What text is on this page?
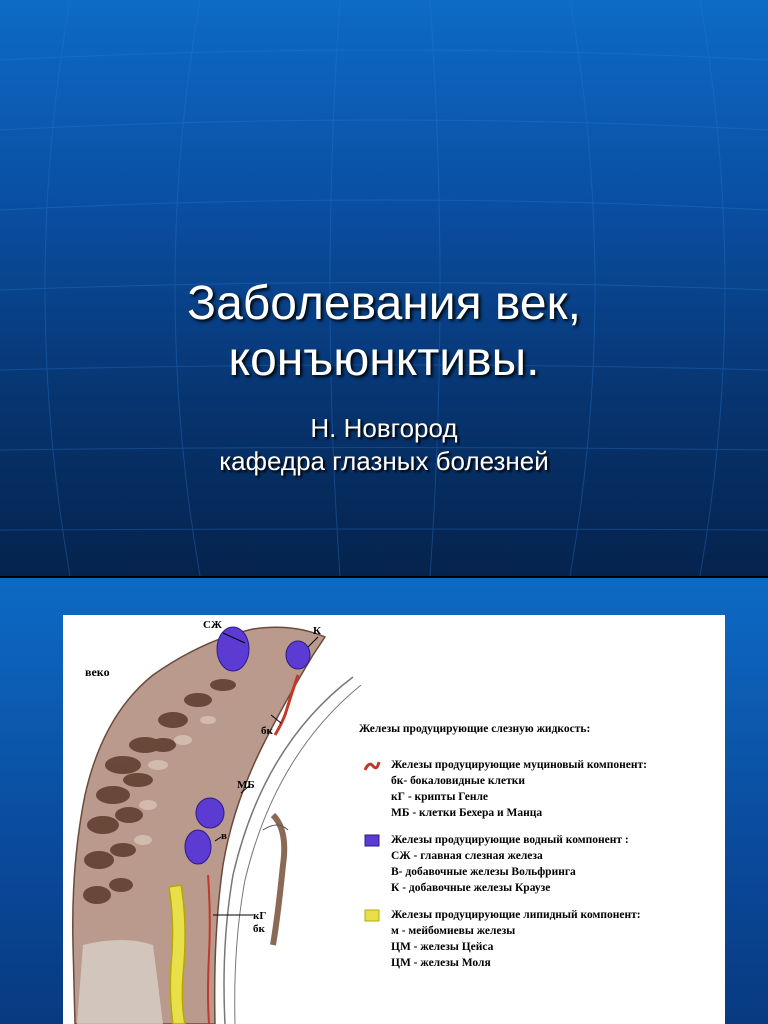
Заболевания век,
конъюнктивы.
Н. Новгород
кафедра глазных болезней
веко
СЖ	К
бк
МБ
в
кГ
бк
Железы продуцирующие слезную жидкость:
Железы продуцирующие муциновый компонент:
бк- бокаловидные клетки
кГ - крипты Генле
МБ - клетки Бехера и Манца
Железы продуцирующие водный компонент :
СЖ - главная слезная железа
В- добавочные железы Вольфринга
К - добавочные железы Краузе
Железы продуцирующие липидный компонент:
м - мейбомиевы железы
ЦМ - железы Цейса
ЦМ - железы Моля
